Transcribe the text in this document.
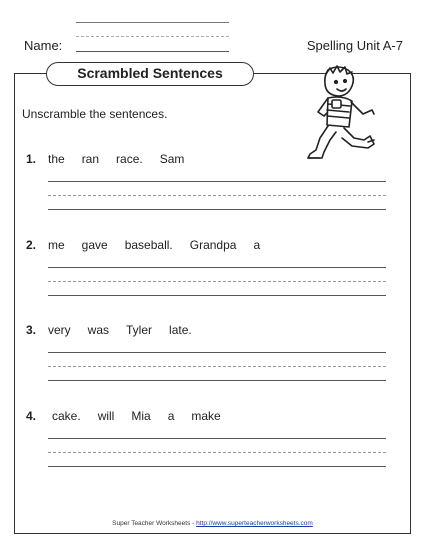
Name:	Spelling Unit A-7
Scrambled Sentences
Unscramble the sentences.
1. the ran race. Sam
2. me gave baseball. Grandpa a
3. very was Tyler late.
4. cake. will Mia a make
Super Teacher Worksheets - http://www.superteacherworksheets.com
